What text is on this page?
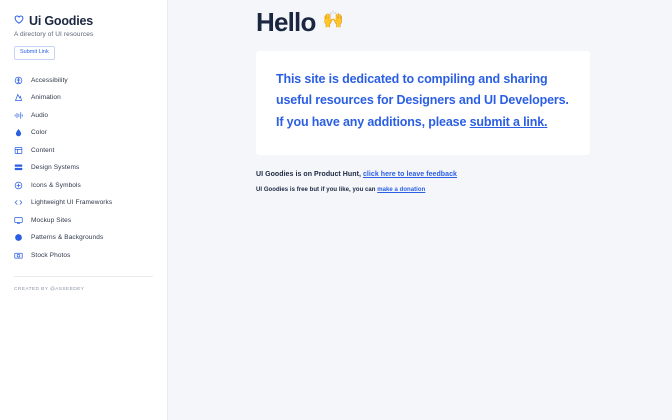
Ui Goodies
A directory of UI resources
Submit Link
Accessibility
Animation
Audio
Color
Content
Design Systems
Icons & Symbols
Lightweight UI Frameworks
Mockup Sites
Patterns & Backgrounds
Stock Photos
CREATED BY @ASSEEDEY
Hello 🙌

This site is dedicated to compiling and sharing useful resources for Designers and UI Developers. If you have any additions, please submit a link.

UI Goodies is on Product Hunt, click here to leave feedback

UI Goodies is free but if you like, you can make a donation
